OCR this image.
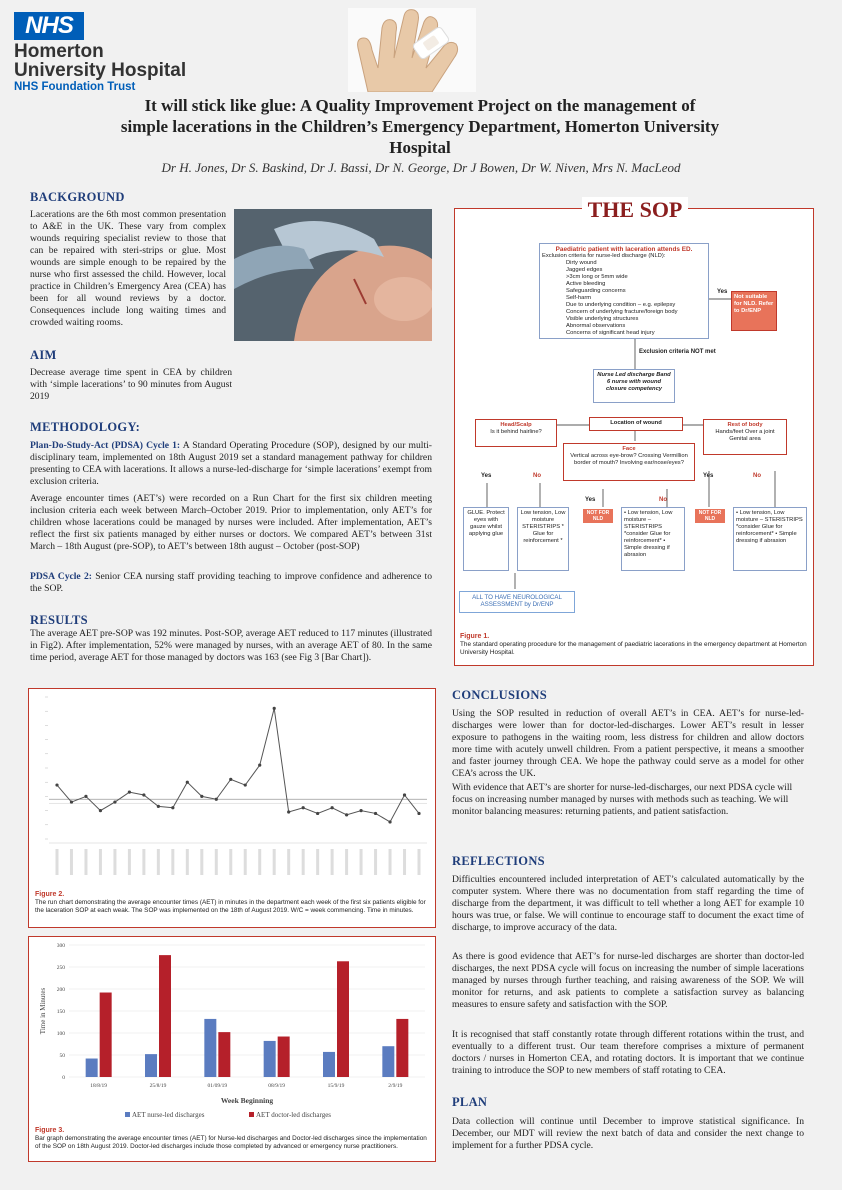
NHS
Homerton
University Hospital
NHS Foundation Trust
It will stick like glue: A Quality Improvement Project on the management of simple lacerations in the Children’s Emergency Department, Homerton University Hospital
Dr H. Jones, Dr S. Baskind, Dr J. Bassi, Dr N. George, Dr J Bowen, Dr W. Niven, Mrs N. MacLeod
BACKGROUND
Lacerations are the 6th most common presentation to A&E in the UK. These vary from complex wounds requiring specialist review to those that can be repaired with steri-strips or glue. Most wounds are simple enough to be repaired by the nurse who first assessed the child. However, local practice in Children’s Emergency Area (CEA) has been for all wound reviews by a doctor. Consequences include long waiting times and crowded waiting rooms.
AIM
Decrease average time spent in CEA by children with ‘simple lacerations’ to 90 minutes from August 2019
METHODOLOGY:
Plan-Do-Study-Act (PDSA) Cycle 1: A Standard Operating Procedure (SOP), designed by our multi-disciplinary team, implemented on 18th August 2019 set a standard management pathway for children presenting to CEA with lacerations. It allows a nurse-led-discharge for ‘simple lacerations’ exempt from exclusion criteria.
Average encounter times (AET’s) were recorded on a Run Chart for the first six children meeting inclusion criteria each week between March–October 2019. Prior to implementation, only AET’s for children whose lacerations could be managed by nurses were included. After implementation, AET’s reflect the first six patients managed by either nurses or doctors. We compared AET’s between 31st March – 18th August (pre-SOP), to AET’s between 18th august – October (post-SOP)
PDSA Cycle 2: Senior CEA nursing staff providing teaching to improve confidence and adherence to the SOP.
RESULTS
The average AET pre-SOP was 192 minutes. Post-SOP, average AET reduced to 117 minutes (illustrated in Fig2). After implementation, 52% were managed by nurses, with an average AET of 80. In the same time period, average AET for those managed by doctors was 163 (see Fig 3 [Bar Chart]).
Figure 2.
The run chart demonstrating the average encounter times (AET) in minutes in the department each week of the first six patients eligible for the laceration SOP at each weak. The SOP was implemented on the 18th of August 2019. W/C = week commencing. Time in minutes.
0
50
100
150
200
250
300
Time in Minutes
18/8/19	25/8/19	01/09/19	08/9/19	15/9/19	2/9/19
Week Beginning
AET nurse-led discharges	AET doctor-led discharges
Figure 3.
Bar graph demonstrating the average encounter times (AET) for Nurse-led discharges and Doctor-led discharges since the implementation of the SOP on 18th August 2019. Doctor-led discharges include those completed by advanced or emergency nurse practitioners.
THE SOP
Paediatric patient with laceration attends ED.
Exclusion criteria for nurse-led discharge (NLD):
Dirty wound
Jagged edges
>3cm long or 5mm wide
Active bleeding
Safeguarding concerns
Self-harm
Due to underlying condition – e.g. epilepsy
Concern of underlying fracture/foreign body
Visible underlying structures
Abnormal observations
Concerns of significant head injury
Yes
Not suitable for NLD. Refer to Dr/ENP
Exclusion criteria NOT met
Nurse Led discharge Band 6 nurse with wound closure competency
Location of wound
Head/Scalp
Is it behind hairline?
Face
Vertical across eye-brow? Crossing Vermillion border of mouth? Involving ear/nose/eyes?
Rest of body
Hands/feet Over a joint Genital area
Yes	No
Yes	No
Yes	No
GLUE. Protect eyes with gauze whilst applying glue
Low tension, Low moisture STERISTRIPS * Glue for reinforcement *
NOT FOR NLD
• Low tension, Low moisture – STERISTRIPS *consider Glue for reinforcement* • Simple dressing if abrasion
NOT FOR NLD
• Low tension, Low moisture – STERISTRIPS *consider Glue for reinforcement* • Simple dressing if abrasion
ALL TO HAVE NEUROLOGICAL ASSESSMENT by Dr/ENP
Figure 1.
The standard operating procedure for the management of paediatric lacerations in the emergency department at Homerton University Hospital.
CONCLUSIONS
Using the SOP resulted in reduction of overall AET’s in CEA. AET’s for nurse-led-discharges were lower than for doctor-led-discharges. Lower AET’s result in lesser exposure to pathogens in the waiting room, less distress for children and allow doctors more time with acutely unwell children. From a patient perspective, it means a smoother and faster journey through CEA. We hope the pathway could serve as a model for other CEA’s across the UK.
With evidence that AET’s are shorter for nurse-led-discharges, our next PDSA cycle will focus on increasing number managed by nurses with methods such as teaching. We will monitor balancing measures: returning patients, and patient satisfaction.
REFLECTIONS
Difficulties encountered included interpretation of AET’s calculated automatically by the computer system. Where there was no documentation from staff regarding the time of discharge from the department, it was difficult to tell whether a long AET for example 10 hours was true, or false. We will continue to encourage staff to document the exact time of discharge, to improve accuracy of the data.
As there is good evidence that AET’s for nurse-led discharges are shorter than doctor-led discharges, the next PDSA cycle will focus on increasing the number of simple lacerations managed by nurses through further teaching, and raising awareness of the SOP. We will monitor for returns, and ask patients to complete a satisfaction survey as balancing measures to ensure safety and satisfaction with the SOP.
It is recognised that staff constantly rotate through different rotations within the trust, and eventually to a different trust. Our team therefore comprises a mixture of permanent doctors / nurses in Homerton CEA, and rotating doctors. It is important that we continue training to introduce the SOP to new members of staff rotating to CEA.
PLAN
Data collection will continue until December to improve statistical significance. In December, our MDT will review the next batch of data and consider the next change to implement for a further PDSA cycle.
